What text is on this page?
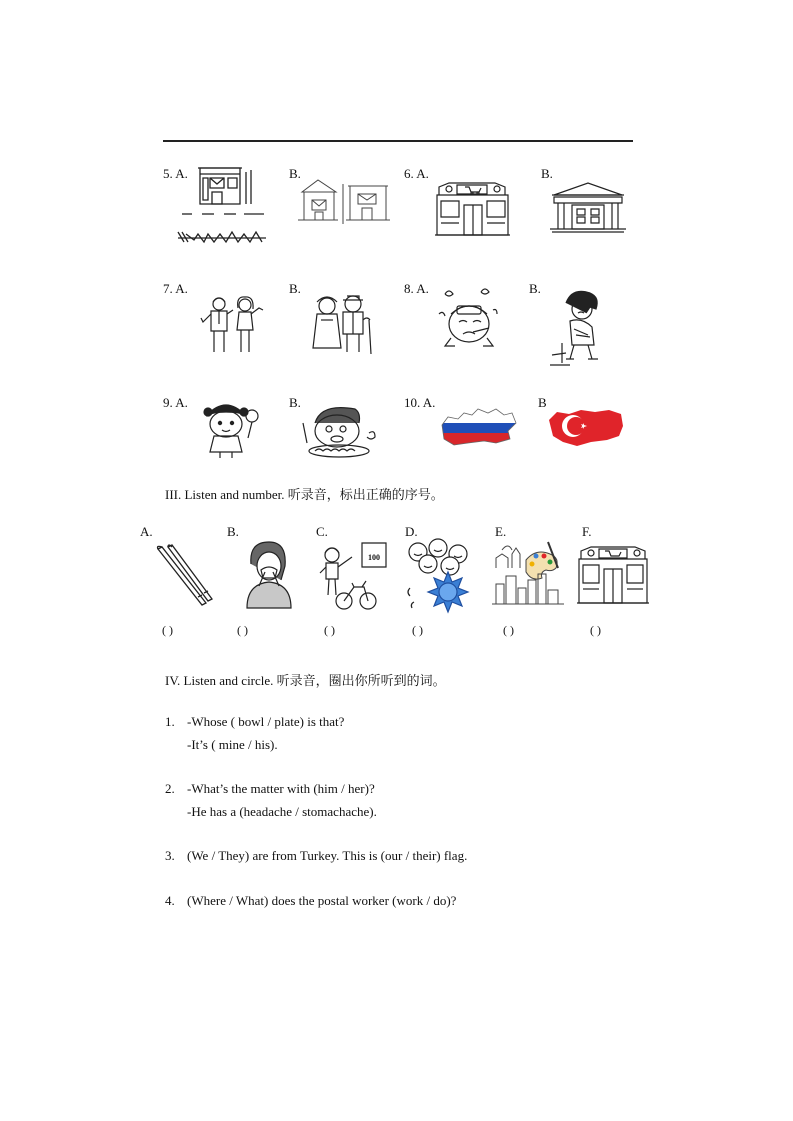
5. A.	B.	6. A.	B.
7. A.	B.	8. A.	B.
9. A.	B.	10. A.	B
III. Listen and number. 听录音，标出正确的序号。
A.	B.	C.	D.	E.	F.
100
( )	( )	( )	( )	( )	( )
IV. Listen and circle. 听录音，圈出你所听到的词。
1. -Whose ( bowl / plate) is that?
-It’s ( mine / his).
2. -What’s the matter with (him / her)?
-He has a (headache / stomachache).
3. (We / They) are from Turkey. This is (our / their) flag.
4. (Where / What) does the postal worker (work / do)?
